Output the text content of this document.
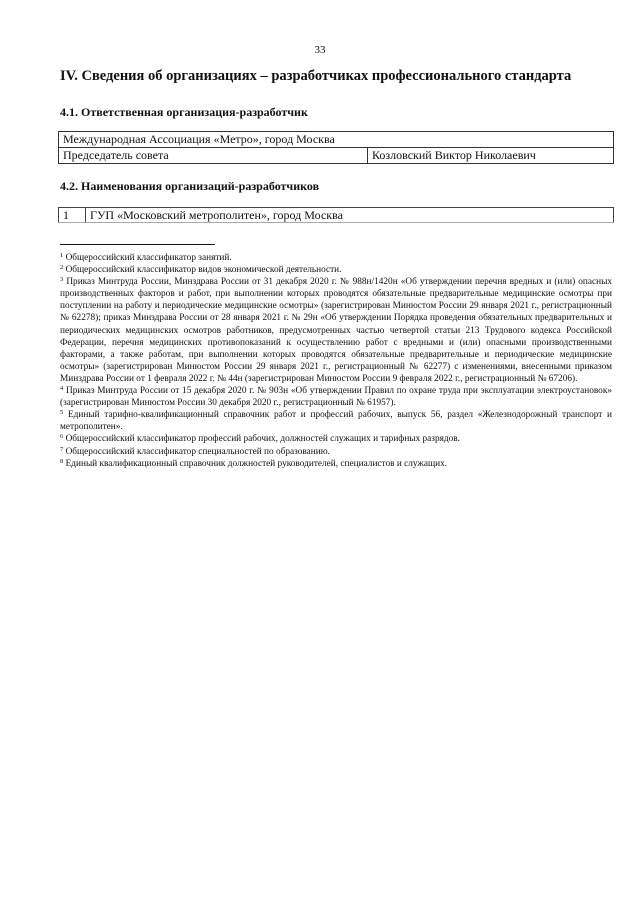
33
IV. Сведения об организациях – разработчиках профессионального стандарта
4.1. Ответственная организация-разработчик
Международная Ассоциация «Метро», город Москва
Председатель совета	Козловский Виктор Николаевич
4.2. Наименования организаций-разработчиков
1	ГУП «Московский метрополитен», город Москва

$^1$ Общероссийский классификатор занятий.

$^2$ Общероссийский классификатор видов экономической деятельности.

$^3$ Приказ Минтруда России, Минздрава России от 31 декабря 2020 г. № 988н/1420н «Об утверждении перечня вредных и (или) опасных производственных факторов и работ, при выполнении которых проводятся обязательные предварительные медицинские осмотры при поступлении на работу и периодические медицинские осмотры» (зарегистрирован Минюстом России 29 января 2021 г., регистрационный № 62278); приказ Минздрава России от 28 января 2021 г. № 29н «Об утверждении Порядка проведения обязательных предварительных и периодических медицинских осмотров работников, предусмотренных частью четвертой статьи 213 Трудового кодекса Российской Федерации, перечня медицинских противопоказаний к осуществлению работ с вредными и (или) опасными производственными факторами, а также работам, при выполнении которых проводятся обязательные предварительные и периодические медицинские осмотры» (зарегистрирован Минюстом России 29 января 2021 г., регистрационный № 62277) с изменениями, внесенными приказом Минздрава России от 1 февраля 2022 г. № 44н (зарегистрирован Минюстом России 9 февраля 2022 г., регистрационный № 67206).

$^4$ Приказ Минтруда России от 15 декабря 2020 г. № 903н «Об утверждении Правил по охране труда при эксплуатации электроустановок» (зарегистрирован Минюстом России 30 декабря 2020 г., регистрационный № 61957).

$^5$ Единый тарифно-квалификационный справочник работ и профессий рабочих, выпуск 56, раздел «Железнодорожный транспорт и метрополитен».

$^6$ Общероссийский классификатор профессий рабочих, должностей служащих и тарифных разрядов.

$^7$ Общероссийский классификатор специальностей по образованию.

$^8$ Единый квалификационный справочник должностей руководителей, специалистов и служащих.
